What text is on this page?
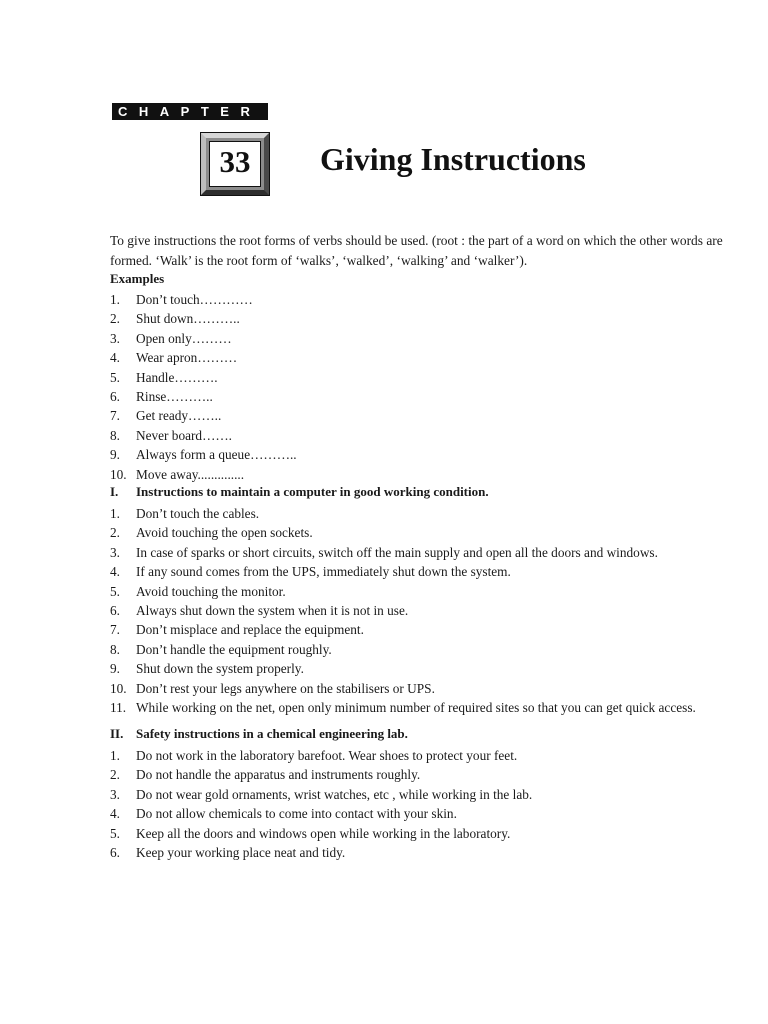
CHAPTER
33	Giving Instructions

To give instructions the root forms of verbs should be used. (root : the part of a word on which the other words are formed. ‘Walk’ is the root form of ‘walks’, ‘walked’, ‘walking’ and ‘walker’).

Examples
1. Don’t touch…………
2. Shut down………..
3. Open only………
4. Wear apron………
5. Handle……….
6. Rinse………..
7. Get ready……..
8. Never board…….
9. Always form a queue………..
10. Move away..............
I. Instructions to maintain a computer in good working condition.
1. Don’t touch the cables.
2. Avoid touching the open sockets.
3. In case of sparks or short circuits, switch off the main supply and open all the doors and windows.
4. If any sound comes from the UPS, immediately shut down the system.
5. Avoid touching the monitor.
6. Always shut down the system when it is not in use.
7. Don’t misplace and replace the equipment.
8. Don’t handle the equipment roughly.
9. Shut down the system properly.
10. Don’t rest your legs anywhere on the stabilisers or UPS.
11. While working on the net, open only minimum number of required sites so that you can get quick access.
II. Safety instructions in a chemical engineering lab.
1. Do not work in the laboratory barefoot. Wear shoes to protect your feet.
2. Do not handle the apparatus and instruments roughly.
3. Do not wear gold ornaments, wrist watches, etc , while working in the lab.
4. Do not allow chemicals to come into contact with your skin.
5. Keep all the doors and windows open while working in the laboratory.
6. Keep your working place neat and tidy.
